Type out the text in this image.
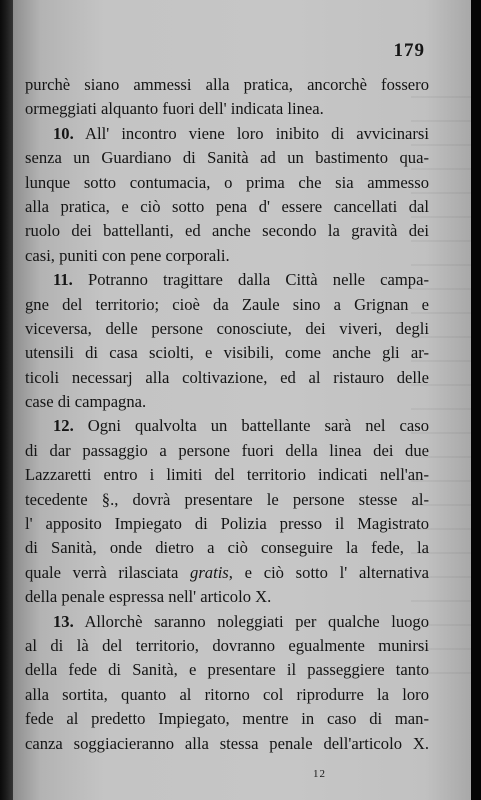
179
purchè siano ammessi alla pratica, ancorchè fossero
ormeggiati alquanto fuori dell' indicata linea.
10. All' incontro viene loro inibito di avvicinarsi
senza un Guardiano di Sanità ad un bastimento qua-
lunque sotto contumacia, o prima che sia ammesso
alla pratica, e ciò sotto pena d' essere cancellati dal
ruolo dei battellanti, ed anche secondo la gravità dei
casi, puniti con pene corporali.
11. Potranno tragittare dalla Città nelle campa-
gne del territorio; cioè da Zaule sino a Grignan e
viceversa, delle persone conosciute, dei viveri, degli
utensili di casa sciolti, e visibili, come anche gli ar-
ticoli necessarj alla coltivazione, ed al ristauro delle
case di campagna.
12. Ogni qualvolta un battellante sarà nel caso
di dar passaggio a persone fuori della linea dei due
Lazzaretti entro i limiti del territorio indicati nell'an-
tecedente §., dovrà presentare le persone stesse al-
l' apposito Impiegato di Polizia presso il Magistrato
di Sanità, onde dietro a ciò conseguire la fede, la
quale verrà rilasciata gratis, e ciò sotto l' alternativa
della penale espressa nell' articolo X.
13. Allorchè saranno noleggiati per qualche luogo
al di là del territorio, dovranno egualmente munirsi
della fede di Sanità, e presentare il passeggiere tanto
alla sortita, quanto al ritorno col riprodurre la loro
fede al predetto Impiegato, mentre in caso di man-
canza soggiacieranno alla stessa penale dell'articolo X.
12
